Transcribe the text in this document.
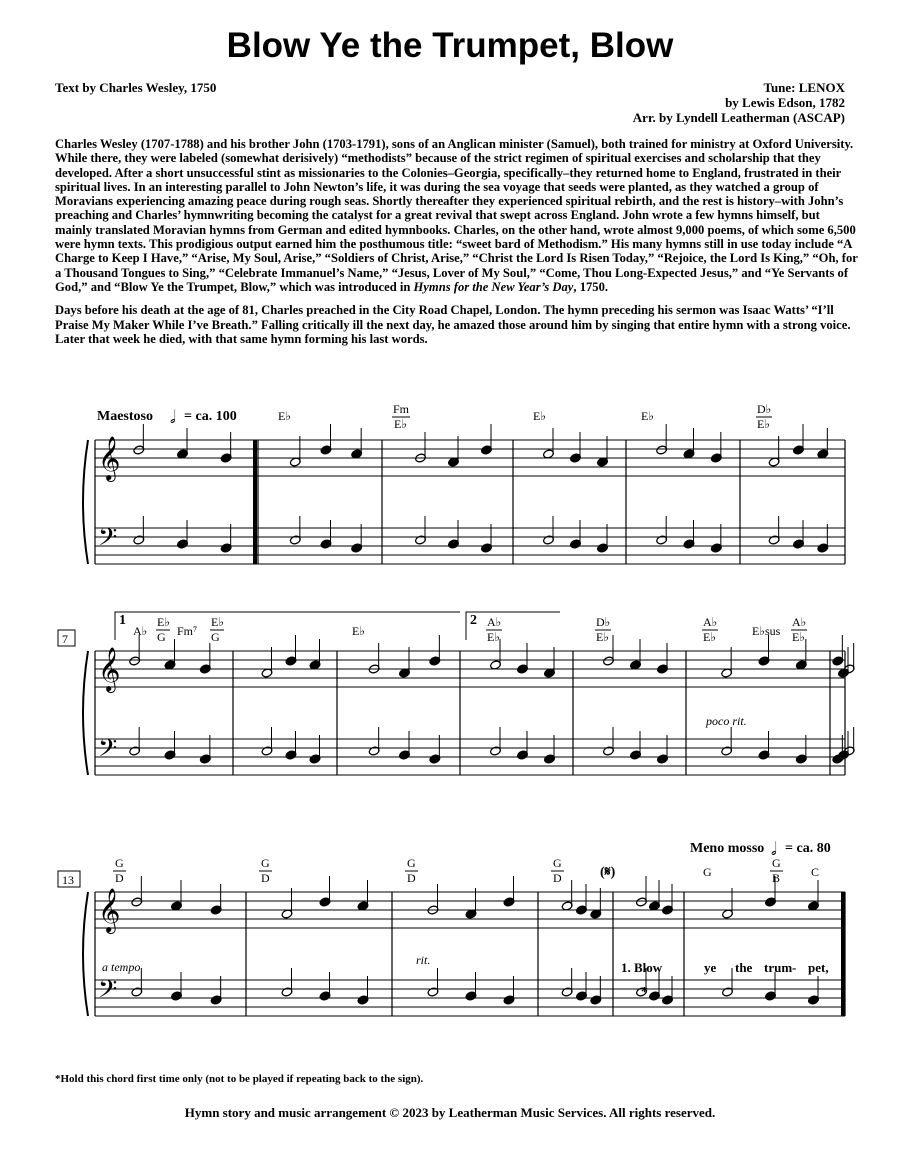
Blow Ye the Trumpet, Blow
Text by Charles Wesley, 1750	Tune: LENOX
by Lewis Edson, 1782
Arr. by Lyndell Leatherman (ASCAP)

Charles Wesley (1707-1788) and his brother John (1703-1791), sons of an Anglican minister (Samuel), both trained for ministry at Oxford University. While there, they were labeled (somewhat derisively) “methodists” because of the strict regimen of spiritual exercises and scholarship that they developed. After a short unsuccessful stint as missionaries to the Colonies–Georgia, specifically–they returned home to England, frustrated in their spiritual lives. In an interesting parallel to John Newton’s life, it was during the sea voyage that seeds were planted, as they watched a group of Moravians experiencing amazing peace during rough seas. Shortly thereafter they experienced spiritual rebirth, and the rest is history–with John’s preaching and Charles’ hymnwriting becoming the catalyst for a great revival that swept across England. John wrote a few hymns himself, but mainly translated Moravian hymns from German and edited hymnbooks. Charles, on the other hand, wrote almost 9,000 poems, of which some 6,500 were hymn texts. This prodigious output earned him the posthumous title: “sweet bard of Methodism.” His many hymns still in use today include “A Charge to Keep I Have,” “Arise, My Soul, Arise,” “Soldiers of Christ, Arise,” “Christ the Lord Is Risen Today,” “Rejoice, the Lord Is King,” “Oh, for a Thousand Tongues to Sing,” “Celebrate Immanuel’s Name,” “Jesus, Lover of My Soul,” “Come, Thou Long-Expected Jesus,” and “Ye Servants of God,” and “Blow Ye the Trumpet, Blow,” which was introduced in Hymns for the New Year’s Day, 1750.

Days before his death at the age of 81, Charles preached in the City Road Chapel, London. The hymn preceding his sermon was Isaac Watts’ “I’ll Praise My Maker While I’ve Breath.” Falling critically ill the next day, he amazed those around him by singing that entire hymn with a strong voice. Later that week he died, with that same hymn forming his last words.

𝄞
𝄢
𝄞
𝄢
𝄞
𝄢
Maestoso 𝅗𝅥 = ca. 100	E♭	Fm
E♭
E♭	E♭	D♭
E♭
7
1	2
A♭
E♭
G Fm⁷
E♭
G	E♭
A♭
E♭
D♭
E♭
A♭
E♭	E♭sus
A♭
E♭
poco rit.
Meno mosso 𝅗𝅥 = ca. 80
13
G
D
G
D
G
D
G
D	(𝄋)	G
G
B	C
a tempo	rit.	1. Blow	ye the trum - pet,
*
*Hold this chord first time only (not to be played if repeating back to the sign).
Hymn story and music arrangement © 2023 by Leatherman Music Services. All rights reserved.
